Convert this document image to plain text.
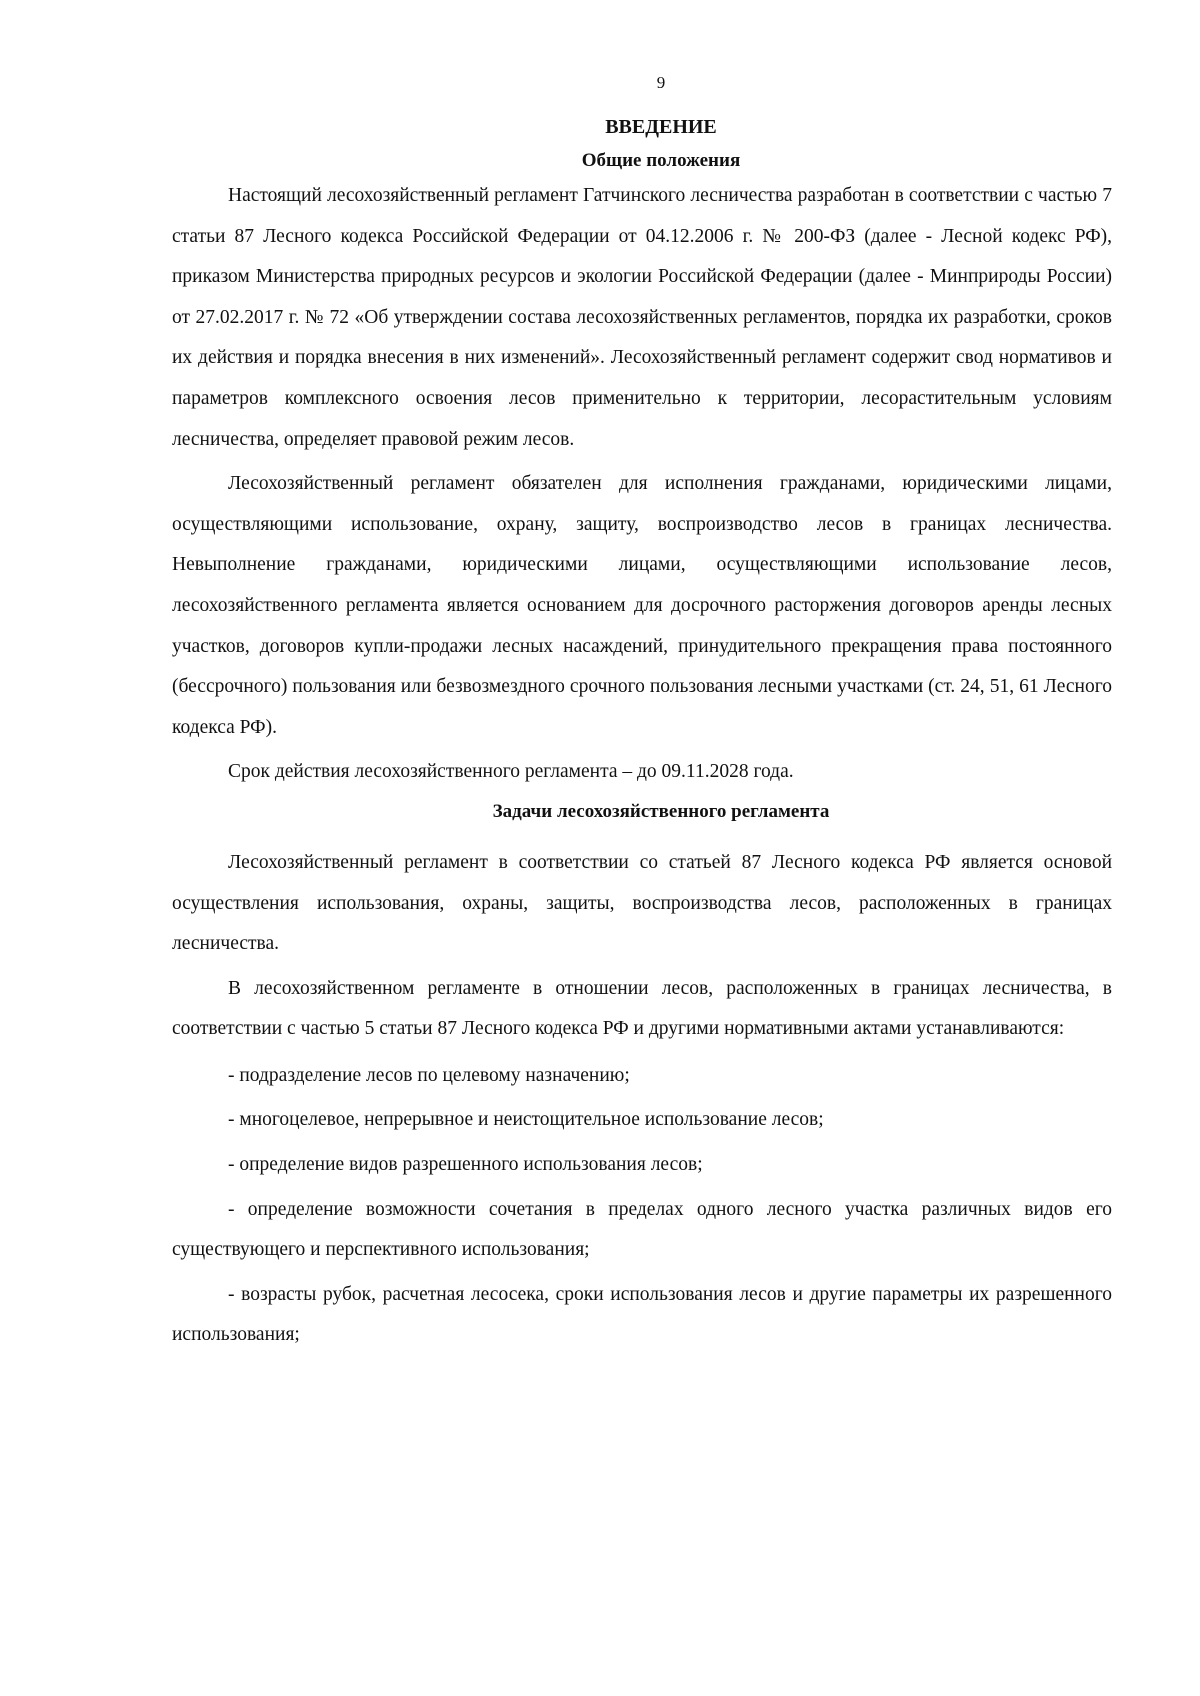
9
ВВЕДЕНИЕ
Общие положения

Настоящий лесохозяйственный регламент Гатчинского лесничества разработан в соответствии с частью 7 статьи 87 Лесного кодекса Российской Федерации от 04.12.2006 г. № 200-ФЗ (далее - Лесной кодекс РФ), приказом Министерства природных ресурсов и экологии Российской Федерации (далее - Минприроды России) от 27.02.2017 г. № 72 «Об утверждении состава лесохозяйственных регламентов, порядка их разработки, сроков их действия и порядка внесения в них изменений». Лесохозяйственный регламент содержит свод нормативов и параметров комплексного освоения лесов применительно к территории, лесорастительным условиям лесничества, определяет правовой режим лесов.

Лесохозяйственный регламент обязателен для исполнения гражданами, юридическими лицами, осуществляющими использование, охрану, защиту, воспроизводство лесов в границах лесничества. Невыполнение гражданами, юридическими лицами, осуществляющими использование лесов, лесохозяйственного регламента является основанием для досрочного расторжения договоров аренды лесных участков, договоров купли-продажи лесных насаждений, принудительного прекращения права постоянного (бессрочного) пользования или безвозмездного срочного пользования лесными участками (ст. 24, 51, 61 Лесного кодекса РФ).

Срок действия лесохозяйственного регламента – до 09.11.2028 года.

Задачи лесохозяйственного регламента

Лесохозяйственный регламент в соответствии со статьей 87 Лесного кодекса РФ является основой осуществления использования, охраны, защиты, воспроизводства лесов, расположенных в границах лесничества.

В лесохозяйственном регламенте в отношении лесов, расположенных в границах лесничества, в соответствии с частью 5 статьи 87 Лесного кодекса РФ и другими нормативными актами устанавливаются:

- подразделение лесов по целевому назначению;

- многоцелевое, непрерывное и неистощительное использование лесов;

- определение видов разрешенного использования лесов;

- определение возможности сочетания в пределах одного лесного участка различных видов его существующего и перспективного использования;

- возрасты рубок, расчетная лесосека, сроки использования лесов и другие параметры их разрешенного использования;
